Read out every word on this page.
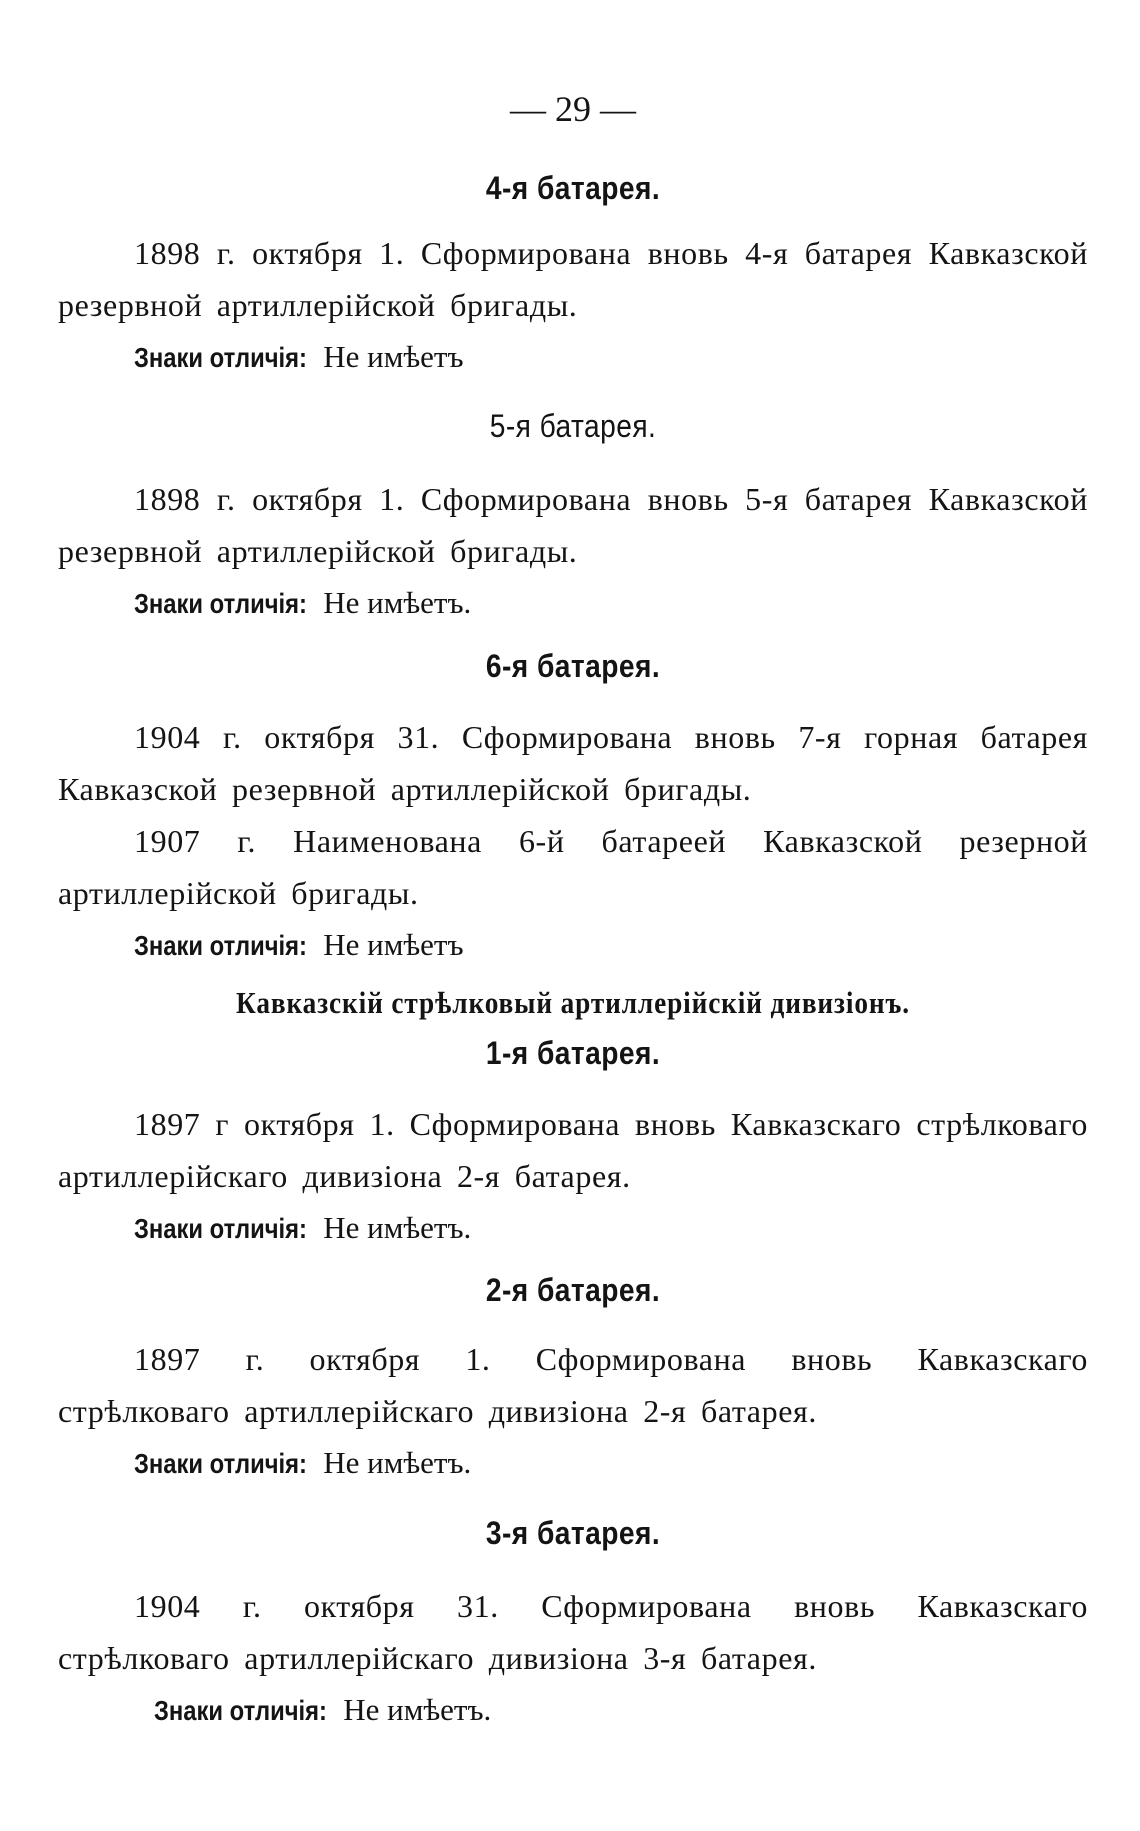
— 29 —
4-я батарея.

1898 г. октября 1. Сформирована вновь 4-я батарея Кавказской резервной артиллерійской бригады.

Знаки отличія: Не имѣетъ

5-я батарея.

1898 г. октября 1. Сформирована вновь 5-я батарея Кавказской резервной артиллерійской бригады.

Знаки отличія: Не имѣетъ.

6-я батарея.

1904 г. октября 31. Сформирована вновь 7-я горная батарея Кавказской резервной артиллерійской бригады.

1907 г. Наименована 6-й батареей Кавказской резерной артиллерійской бригады.

Знаки отличія: Не имѣетъ

Кавказскій стрѣлковый артиллерійскій дивизіонъ.
1-я батарея.

1897 г октября 1. Сформирована вновь Кавказскаго стрѣлковаго артиллерійскаго дивизіона 2-я батарея.

Знаки отличія: Не имѣетъ.

2-я батарея.

1897 г. октября 1. Сформирована вновь Кавказскаго стрѣлковаго артиллерійскаго дивизіона 2-я батарея.

Знаки отличія: Не имѣетъ.

3-я батарея.

1904 г. октября 31. Сформирована вновь Кавказскаго стрѣлковаго артиллерійскаго дивизіона 3-я батарея.

Знаки отличія: Не имѣетъ.
